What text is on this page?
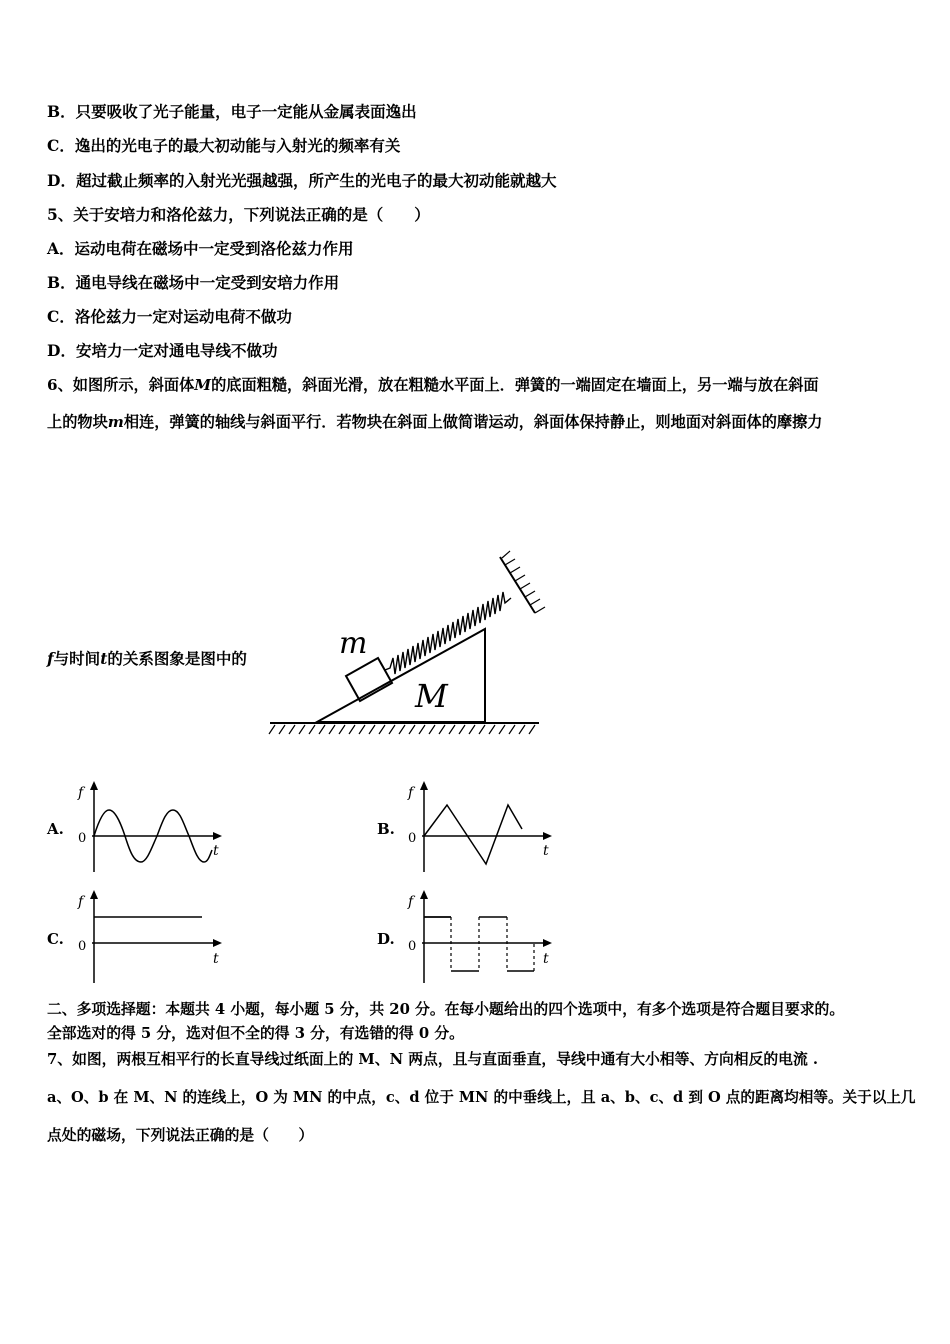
B．只要吸收了光子能量，电子一定能从金属表面逸出
C．逸出的光电子的最大初动能与入射光的频率有关
D．超过截止频率的入射光光强越强，所产生的光电子的最大初动能就越大
5、关于安培力和洛伦兹力，下列说法正确的是（　　）
A．运动电荷在磁场中一定受到洛伦兹力作用
B．通电导线在磁场中一定受到安培力作用
C．洛伦兹力一定对运动电荷不做功
D．安培力一定对通电导线不做功
6、如图所示，斜面体M的底面粗糙，斜面光滑，放在粗糙水平面上．弹簧的一端固定在墙面上，另一端与放在斜面
上的物块m相连，弹簧的轴线与斜面平行．若物块在斜面上做简谐运动，斜面体保持静止，则地面对斜面体的摩擦力
f与时间t的关系图象是图中的	m
M
A.
f
0
t
B.
f
0
t
C.
f
0
t
D.
f
0
t
二、多项选择题：本题共 4 小题，每小题 5 分，共 20 分。在每小题给出的四个选项中，有多个选项是符合题目要求的。
全部选对的得 5 分，选对但不全的得 3 分，有选错的得 0 分。
7、如图，两根互相平行的长直导线过纸面上的 M、N 两点，且与直面垂直，导线中通有大小相等、方向相反的电流 .
a、O、b 在 M、N 的连线上，O 为 MN 的中点，c、d 位于 MN 的中垂线上，且 a、b、c、d 到 O 点的距离均相等。关于以上几
点处的磁场，下列说法正确的是（　　）
